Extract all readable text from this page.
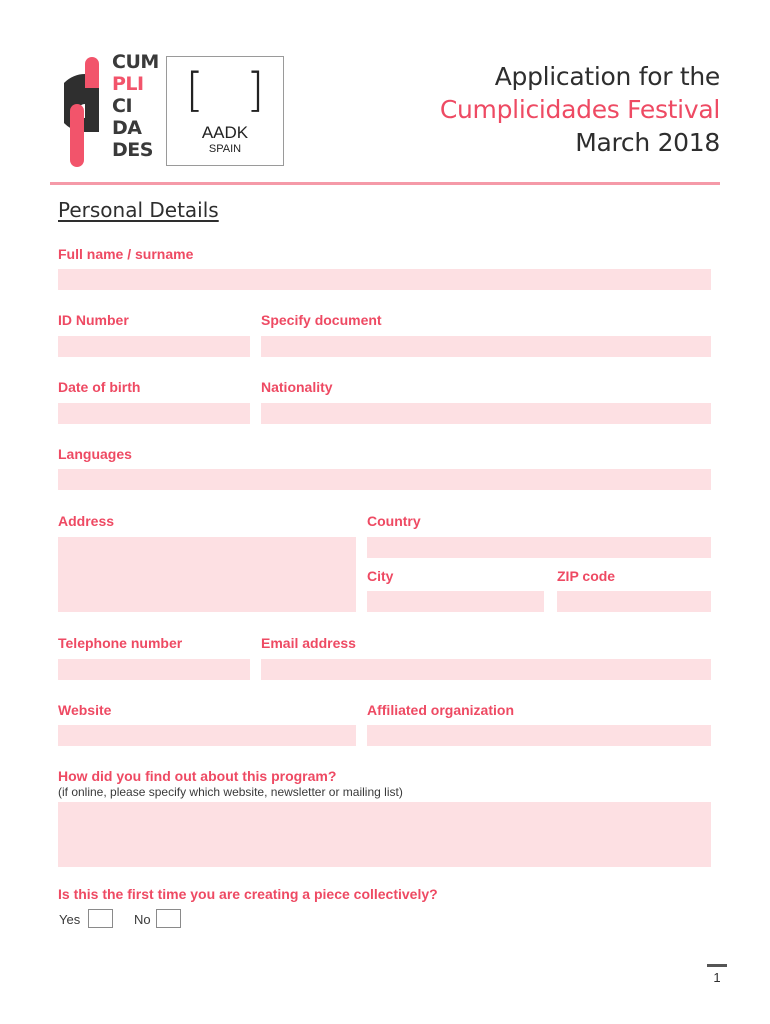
CUM
PLI
CI
DA
DES
[ ]
AADK
SPAIN
Application for the
Cumplicidades Festival
March 2018
Personal Details
Full name / surname
ID Number	Specify document
Date of birth	Nationality
Languages
Address	Country
City	ZIP code
Telephone number	Email address
Website	Affiliated organization
How did you find out about this program?
(if online, please specify which website, newsletter or mailing list)
Is this the first time you are creating a piece collectively?
Yes	No
1
